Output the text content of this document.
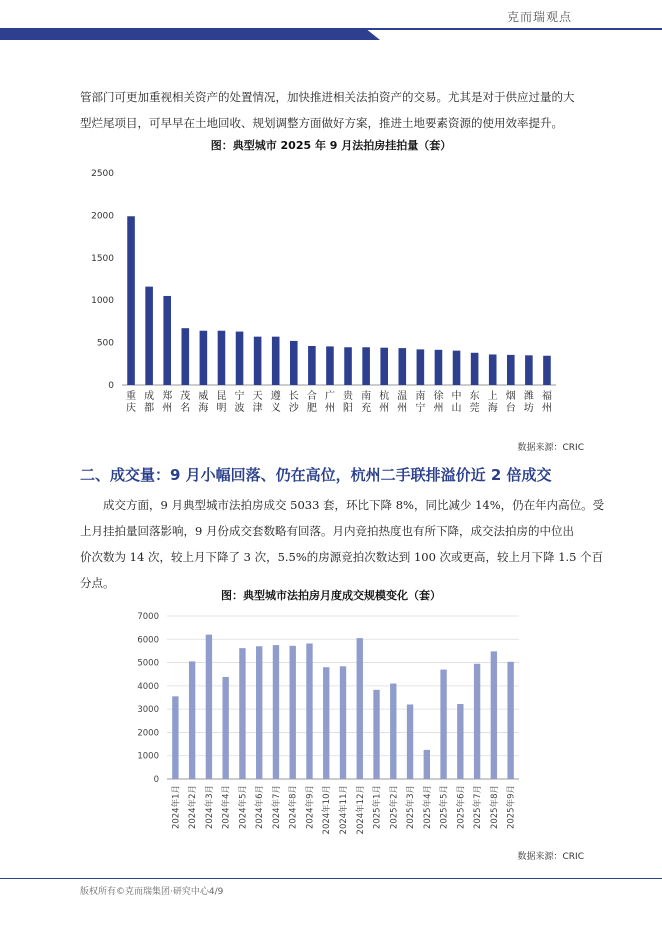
克而瑞观点
管部门可更加重视相关资产的处置情况，加快推进相关法拍资产的交易。尤其是对于供应过量的大
型烂尾项目，可早早在土地回收、规划调整方面做好方案，推进土地要素资源的使用效率提升。
图：典型城市 2025 年 9 月法拍房挂拍量（套）
0
500
1000
1500
2000
2500
重庆
成都
郑州
茂名
威海
昆明
宁波
天津
遵义
长沙
合肥
广州
贵阳
南充
杭州
温州
南宁
徐州
中山
东莞
上海
烟台
潍坊
福州
数据来源：CRIC
二、成交量：9 月小幅回落、仍在高位，杭州二手联排溢价近 2 倍成交
成交方面，9 月典型城市法拍房成交 5033 套，环比下降 8%，同比减少 14%，仍在年内高位。受
上月挂拍量回落影响，9 月份成交套数略有回落。月内竞拍热度也有所下降，成交法拍房的中位出
价次数为 14 次，较上月下降了 3 次，5.5%的房源竞拍次数达到 100 次或更高，较上月下降 1.5 个百
分点。
图：典型城市法拍房月度成交规模变化（套）
0
1000
2000
3000
4000
5000
6000
7000
2024年1月 2024年2月 2024年3月 2024年4月 2024年5月 2024年6月 2024年7月 2024年8月 2024年9月 2024年10月 2024年11月 2024年12月 2025年1月 2025年2月 2025年3月 2025年4月 2025年5月 2025年6月 2025年7月 2025年8月 2025年9月
数据来源：CRIC
版权所有©克而瑞集团·研究中心4/9
